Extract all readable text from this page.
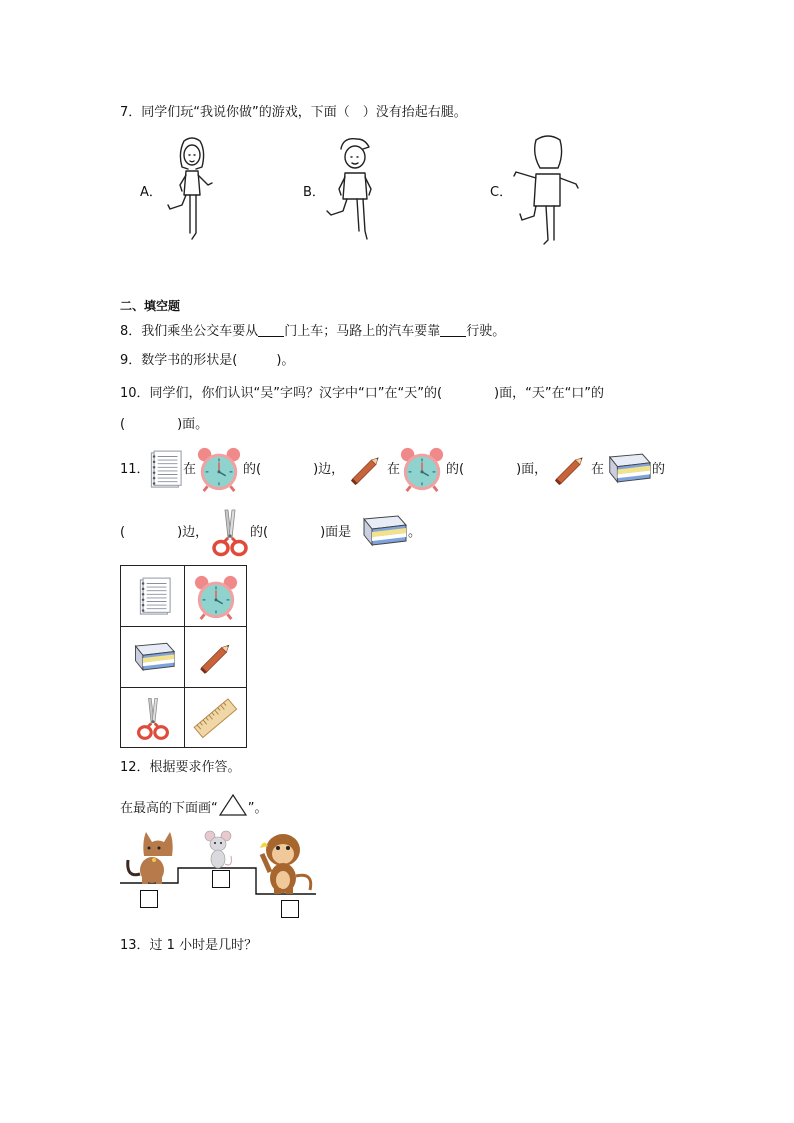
7．同学们玩“我说你做”的游戏，下面（　）没有抬起右腿。
A．	B．	C．
二、填空题
8．我们乘坐公交车要从 门上车；马路上的汽车要靠 行驶。
9．数学书的形状是(　　　)。
10．同学们，你们认识“吴”字吗？汉字中“口”在“天”的(　　　　)面，“天”在“口”的
(　　　　)面。
11．	在	的(　　　　)边，	在	的(　　　　)面，	在	的
(　　　　)边，	的(　　　　)面是	。
12．根据要求作答。
在最高的下面画“ ”。
13．过 1 小时是几时？
